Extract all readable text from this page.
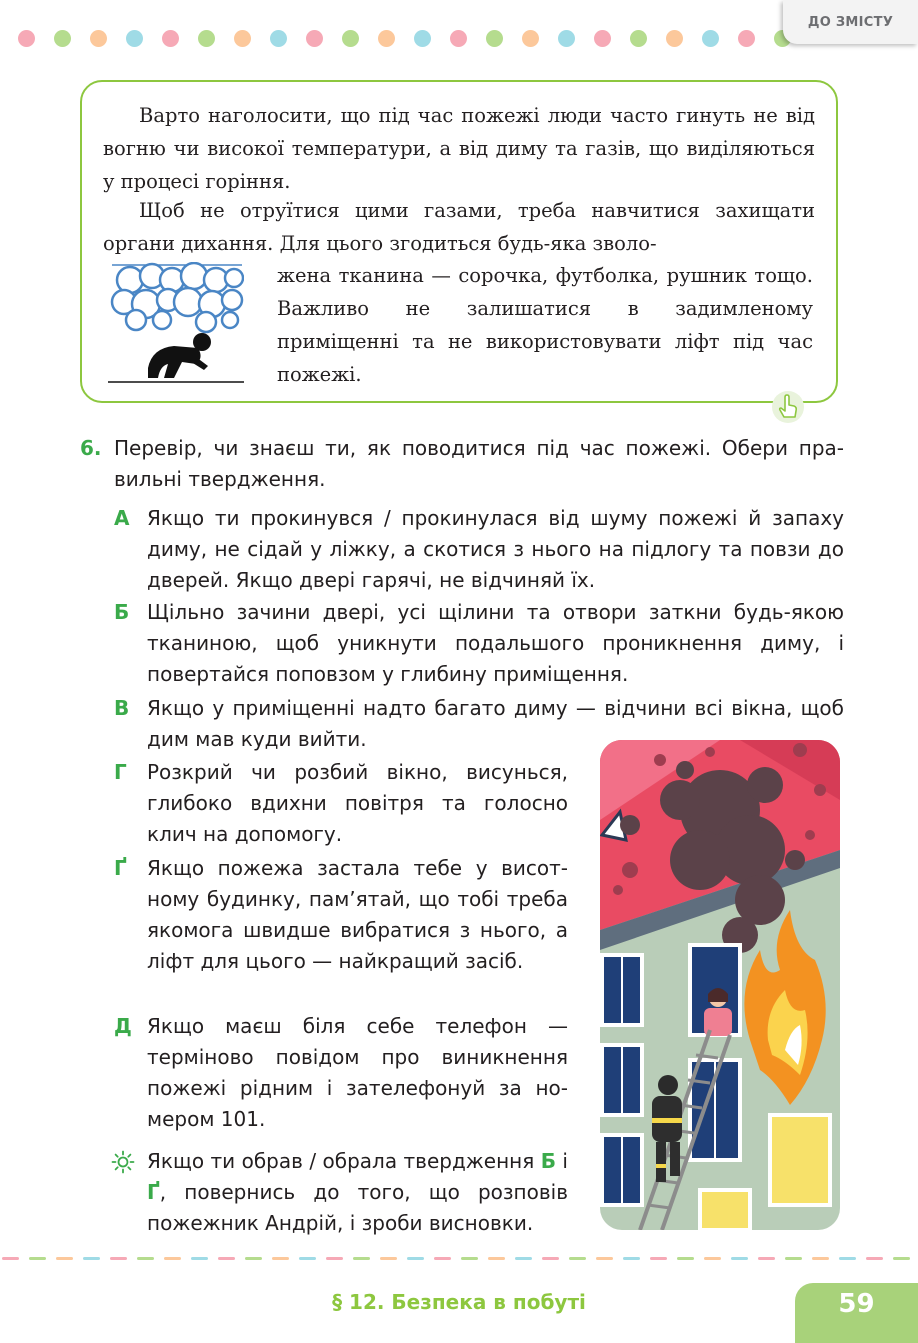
ДО ЗМІСТУ

Варто наголосити, що під час пожежі люди часто гинуть не від вогню чи високої температури, а від диму та газів, що виділяються у процесі горіння.

Щоб не отруїтися цими газами, треба навчитися захищати органи дихання. Для цього згодиться будь-яка зволо-

жена тканина — сорочка, футболка, рушник тощо. Важливо не залишатися в задимленому приміщенні та не використовувати ліфт під час пожежі.

6. Перевір, чи знаєш ти, як поводитися під час пожежі. Обери правильні твердження.

А Якщо ти прокинувся / прокинулася від шуму пожежі й запаху диму, не сідай у ліжку, а скотися з нього на підлогу та повзи до дверей. Якщо двері гарячі, не відчиняй їх.

Б Щільно зачини двері, усі щілини та отвори заткни будь-якою тканиною, щоб уникнути подальшого проникнення диму, і повертайся поповзом у глибину приміщення.

В Якщо у приміщенні надто багато диму — відчини всі вікна, щоб дим мав куди вийти.

Г Розкрий чи розбий вікно, висунься, глибоко вдихни повітря та голосно клич на допомогу.

Ґ Якщо пожежа застала тебе у висотному будинку, пам’ятай, що тобі треба якомога швидше вибратися з нього, а ліфт для цього — найкращий засіб.

Д Якщо маєш біля себе телефон — терміново повідом про виникнення пожежі рідним і зателефонуй за номером 101.

Якщо ти обрав / обрала твердження Б і Ґ, повернись до того, що розповів пожежник Андрій, і зроби висновки.

§ 12. Безпека в побуті	59
